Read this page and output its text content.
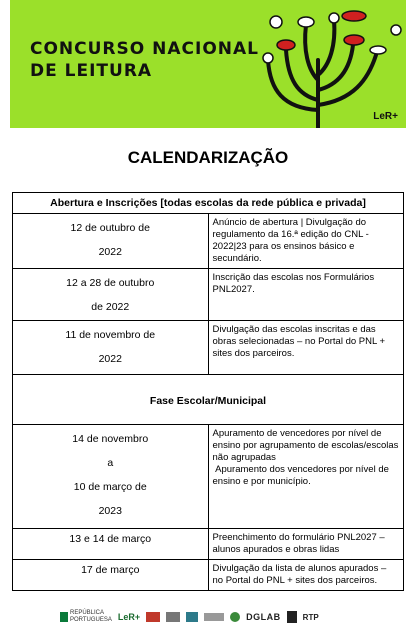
CONCURSO NACIONAL
DE LEITURA
LeR+
CALENDARIZAÇÃO
Abertura e Inscrições [todas escolas da rede pública e privada]	

12 de outubro de
2022	Anúncio de abertura | Divulgação do regulamento da 16.ª edição do CNL - 2022|23 para os ensinos básico e secundário.

12 a 28 de outubro
de 2022	Inscrição das escolas nos Formulários PNL2027.

11 de novembro de
2022	Divulgação das escolas inscritas e das obras selecionadas – no Portal do PNL + sites dos parceiros.
Fase Escolar/Municipal	

14 de novembro
a
10 de março de
2023	Apuramento de vencedores por nível de ensino por agrupamento de escolas/escolas não agrupadas
Apuramento dos vencedores por nível de ensino e por município.

13 e 14 de março	Preenchimento do formulário PNL2027 – alunos apurados e obras lidas

17 de março	Divulgação da lista de alunos apurados – no Portal do PNL + sites dos parceiros.
REPÚBLICA
PORTUGUESA LeR+	DGLAB	RTP
